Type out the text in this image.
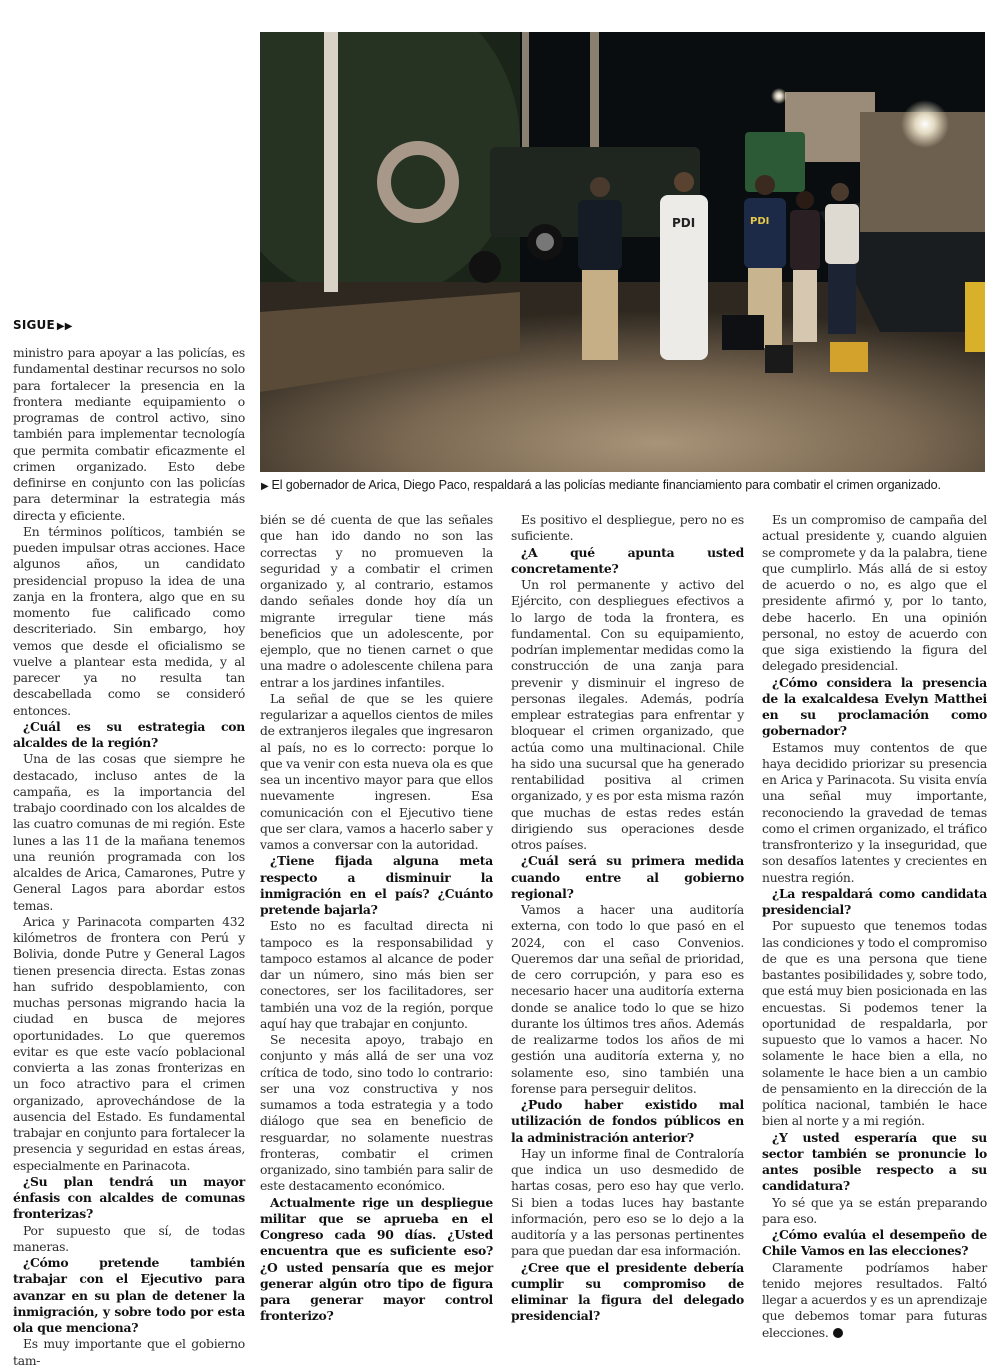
SIGUE ▶▶
PDI	PDI
▶ El gobernador de Arica, Diego Paco, respaldará a las policías mediante financiamiento para combatir el crimen organizado.

ministro para apoyar a las policías, es fundamental destinar recursos no solo para fortalecer la presencia en la frontera mediante equipamiento o programas de control activo, sino también para implementar tecnología que permita combatir eficazmente el crimen organizado. Esto debe definirse en conjunto con las policías para determinar la estrategia más directa y eficiente.

En términos políticos, también se pueden impulsar otras acciones. Hace algunos años, un candidato presidencial propuso la idea de una zanja en la frontera, algo que en su momento fue calificado como descriteriado. Sin embargo, hoy vemos que desde el oficialismo se vuelve a plantear esta medida, y al parecer ya no resulta tan descabellada como se consideró entonces.

¿Cuál es su estrategia con alcaldes de la región?

Una de las cosas que siempre he destacado, incluso antes de la campaña, es la importancia del trabajo coordinado con los alcaldes de las cuatro comunas de mi región. Este lunes a las 11 de la mañana tenemos una reunión programada con los alcaldes de Arica, Camarones, Putre y General Lagos para abordar estos temas.

Arica y Parinacota comparten 432 kilómetros de frontera con Perú y Bolivia, donde Putre y General Lagos tienen presencia directa. Estas zonas han sufrido despoblamiento, con muchas personas migrando hacia la ciudad en busca de mejores oportunidades. Lo que queremos evitar es que este vacío poblacional convierta a las zonas fronterizas en un foco atractivo para el crimen organizado, aprovechándose de la ausencia del Estado. Es fundamental trabajar en conjunto para fortalecer la presencia y seguridad en estas áreas, especialmente en Parinacota.

¿Su plan tendrá un mayor énfasis con alcaldes de comunas fronterizas?

Por supuesto que sí, de todas maneras.

¿Cómo pretende también trabajar con el Ejecutivo para avanzar en su plan de detener la inmigración, y sobre todo por esta ola que menciona?

Es muy importante que el gobierno tam-

bién se dé cuenta de que las señales que han ido dando no son las correctas y no promueven la seguridad y a combatir el crimen organizado y, al contrario, estamos dando señales donde hoy día un migrante irregular tiene más beneficios que un adolescente, por ejemplo, que no tienen carnet o que una madre o adolescente chilena para entrar a los jardines infantiles.

La señal de que se les quiere regularizar a aquellos cientos de miles de extranjeros ilegales que ingresaron al país, no es lo correcto: porque lo que va venir con esta nueva ola es que sea un incentivo mayor para que ellos nuevamente ingresen. Esa comunicación con el Ejecutivo tiene que ser clara, vamos a hacerlo saber y vamos a conversar con la autoridad.

¿Tiene fijada alguna meta respecto a disminuir la inmigración en el país? ¿Cuánto pretende bajarla?

Esto no es facultad directa ni tampoco es la responsabilidad y tampoco estamos al alcance de poder dar un número, sino más bien ser conectores, ser los facilitadores, ser también una voz de la región, porque aquí hay que trabajar en conjunto.

Se necesita apoyo, trabajo en conjunto y más allá de ser una voz crítica de todo, sino todo lo contrario: ser una voz constructiva y nos sumamos a toda estrategia y a todo diálogo que sea en beneficio de resguardar, no solamente nuestras fronteras, combatir el crimen organizado, sino también para salir de este destacamento económico.

Actualmente rige un despliegue militar que se aprueba en el Congreso cada 90 días. ¿Usted encuentra que es suficiente eso? ¿O usted pensaría que es mejor generar algún otro tipo de figura para generar mayor control fronterizo?

Es positivo el despliegue, pero no es suficiente.

¿A qué apunta usted concretamente?

Un rol permanente y activo del Ejército, con despliegues efectivos a lo largo de toda la frontera, es fundamental. Con su equipamiento, podrían implementar medidas como la construcción de una zanja para prevenir y disminuir el ingreso de personas ilegales. Además, podría emplear estrategias para enfrentar y bloquear el crimen organizado, que actúa como una multinacional. Chile ha sido una sucursal que ha generado rentabilidad positiva al crimen organizado, y es por esta misma razón que muchas de estas redes están dirigiendo sus operaciones desde otros países.

¿Cuál será su primera medida cuando entre al gobierno regional?

Vamos a hacer una auditoría externa, con todo lo que pasó en el 2024, con el caso Convenios. Queremos dar una señal de prioridad, de cero corrupción, y para eso es necesario hacer una auditoría externa donde se analice todo lo que se hizo durante los últimos tres años. Además de realizarme todos los años de mi gestión una auditoría externa y, no solamente eso, sino también una forense para perseguir delitos.

¿Pudo haber existido mal utilización de fondos públicos en la administración anterior?

Hay un informe final de Contraloría que indica un uso desmedido de hartas cosas, pero eso hay que verlo. Si bien a todas luces hay bastante información, pero eso se lo dejo a la auditoría y a las personas pertinentes para que puedan dar esa información.

¿Cree que el presidente debería cumplir su compromiso de eliminar la figura del delegado presidencial?

Es un compromiso de campaña del actual presidente y, cuando alguien se compromete y da la palabra, tiene que cumplirlo. Más allá de si estoy de acuerdo o no, es algo que el presidente afirmó y, por lo tanto, debe hacerlo. En una opinión personal, no estoy de acuerdo con que siga existiendo la figura del delegado presidencial.

¿Cómo considera la presencia de la exalcaldesa Evelyn Matthei en su proclamación como gobernador?

Estamos muy contentos de que haya decidido priorizar su presencia en Arica y Parinacota. Su visita envía una señal muy importante, reconociendo la gravedad de temas como el crimen organizado, el tráfico transfronterizo y la inseguridad, que son desafíos latentes y crecientes en nuestra región.

¿La respaldará como candidata presidencial?

Por supuesto que tenemos todas las condiciones y todo el compromiso de que es una persona que tiene bastantes posibilidades y, sobre todo, que está muy bien posicionada en las encuestas. Si podemos tener la oportunidad de respaldarla, por supuesto que lo vamos a hacer. No solamente le hace bien a ella, no solamente le hace bien a un cambio de pensamiento en la dirección de la política nacional, también le hace bien al norte y a mi región.

¿Y usted esperaría que su sector también se pronuncie lo antes posible respecto a su candidatura?

Yo sé que ya se están preparando para eso.

¿Cómo evalúa el desempeño de Chile Vamos en las elecciones?

Claramente podríamos haber tenido mejores resultados. Faltó llegar a acuerdos y es un aprendizaje que debemos tomar para futuras elecciones.
